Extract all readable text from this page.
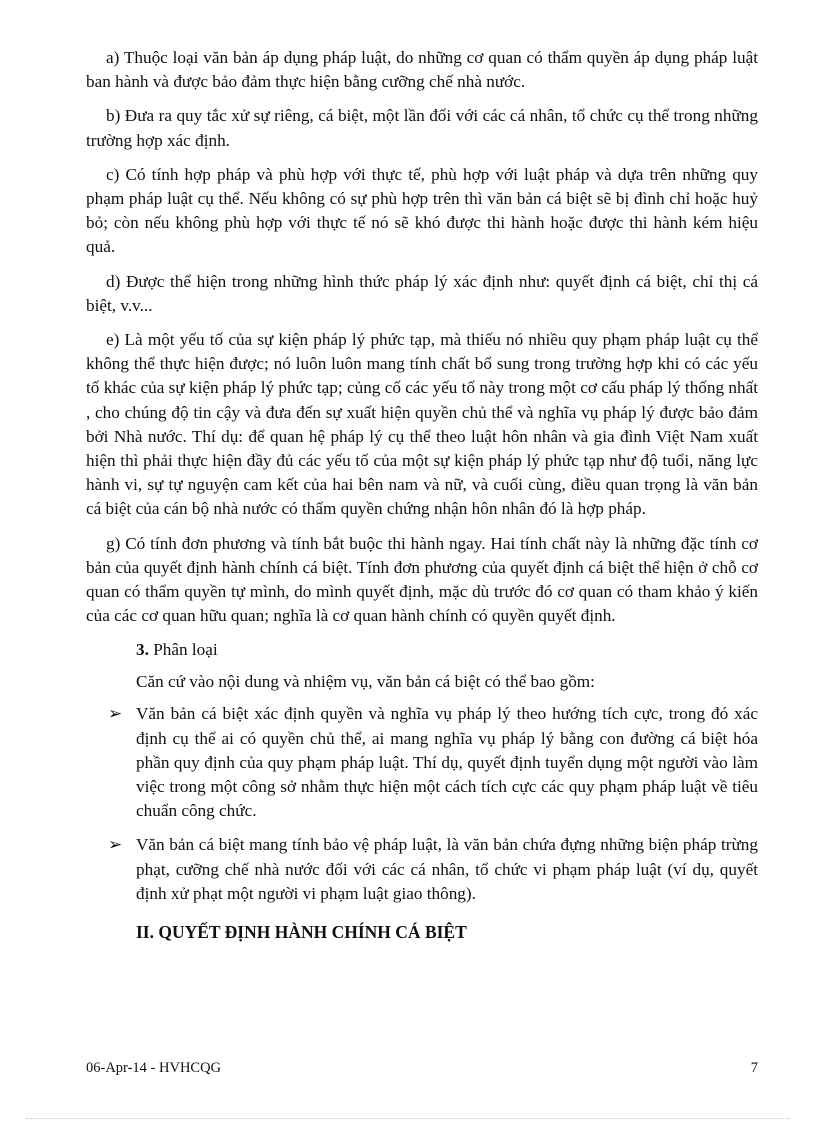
a) Thuộc loại văn bản áp dụng pháp luật, do những cơ quan có thẩm quyền áp dụng pháp luật ban hành và được bảo đảm thực hiện bằng cưỡng chế nhà nước.

b) Đưa ra quy tắc xử sự riêng, cá biệt, một lần đối với các cá nhân, tổ chức cụ thể trong những trường hợp xác định.

c) Có tính hợp pháp và phù hợp với thực tế, phù hợp với luật pháp và dựa trên những quy phạm pháp luật cụ thể. Nếu không có sự phù hợp trên thì văn bản cá biệt sẽ bị đình chỉ hoặc huỷ bỏ; còn nếu không phù hợp với thực tế nó sẽ khó được thi hành hoặc được thi hành kém hiệu quả.

d) Được thể hiện trong những hình thức pháp lý xác định như: quyết định cá biệt, chỉ thị cá biệt, v.v...

e) Là một yếu tố của sự kiện pháp lý phức tạp, mà thiếu nó nhiều quy phạm pháp luật cụ thể không thể thực hiện được; nó luôn luôn mang tính chất bổ sung trong trường hợp khi có các yếu tố khác của sự kiện pháp lý phức tạp; củng cố các yếu tố này trong một cơ cấu pháp lý thống nhất , cho chúng độ tin cậy và đưa đến sự xuất hiện quyền chủ thể và nghĩa vụ pháp lý được bảo đảm bởi Nhà nước. Thí dụ: để quan hệ pháp lý cụ thể theo luật hôn nhân và gia đình Việt Nam xuất hiện thì phải thực hiện đầy đủ các yếu tố của một sự kiện pháp lý phức tạp như độ tuổi, năng lực hành vi, sự tự nguyện cam kết của hai bên nam và nữ, và cuối cùng, điều quan trọng là văn bản cá biệt của cán bộ nhà nước có thẩm quyền chứng nhận hôn nhân đó là hợp pháp.

g) Có tính đơn phương và tính bắt buộc thi hành ngay. Hai tính chất này là những đặc tính cơ bản của quyết định hành chính cá biệt. Tính đơn phương của quyết định cá biệt thể hiện ở chỗ cơ quan có thẩm quyền tự mình, do mình quyết định, mặc dù trước đó cơ quan có tham khảo ý kiến của các cơ quan hữu quan; nghĩa là cơ quan hành chính có quyền quyết định.

3. Phân loại

Căn cứ vào nội dung và nhiệm vụ, văn bản cá biệt có thể bao gồm:

➢ Văn bản cá biệt xác định quyền và nghĩa vụ pháp lý theo hướng tích cực, trong đó xác định cụ thể ai có quyền chủ thể, ai mang nghĩa vụ pháp lý bằng con đường cá biệt hóa phần quy định của quy phạm pháp luật. Thí dụ, quyết định tuyển dụng một người vào làm việc trong một công sở nhằm thực hiện một cách tích cực các quy phạm pháp luật về tiêu chuẩn công chức.
➢ Văn bản cá biệt mang tính bảo vệ pháp luật, là văn bản chứa đựng những biện pháp trừng phạt, cưỡng chế nhà nước đối với các cá nhân, tổ chức vi phạm pháp luật (ví dụ, quyết định xử phạt một người vi phạm luật giao thông).
II. QUYẾT ĐỊNH HÀNH CHÍNH CÁ BIỆT
06-Apr-14 - HVHCQG	7
